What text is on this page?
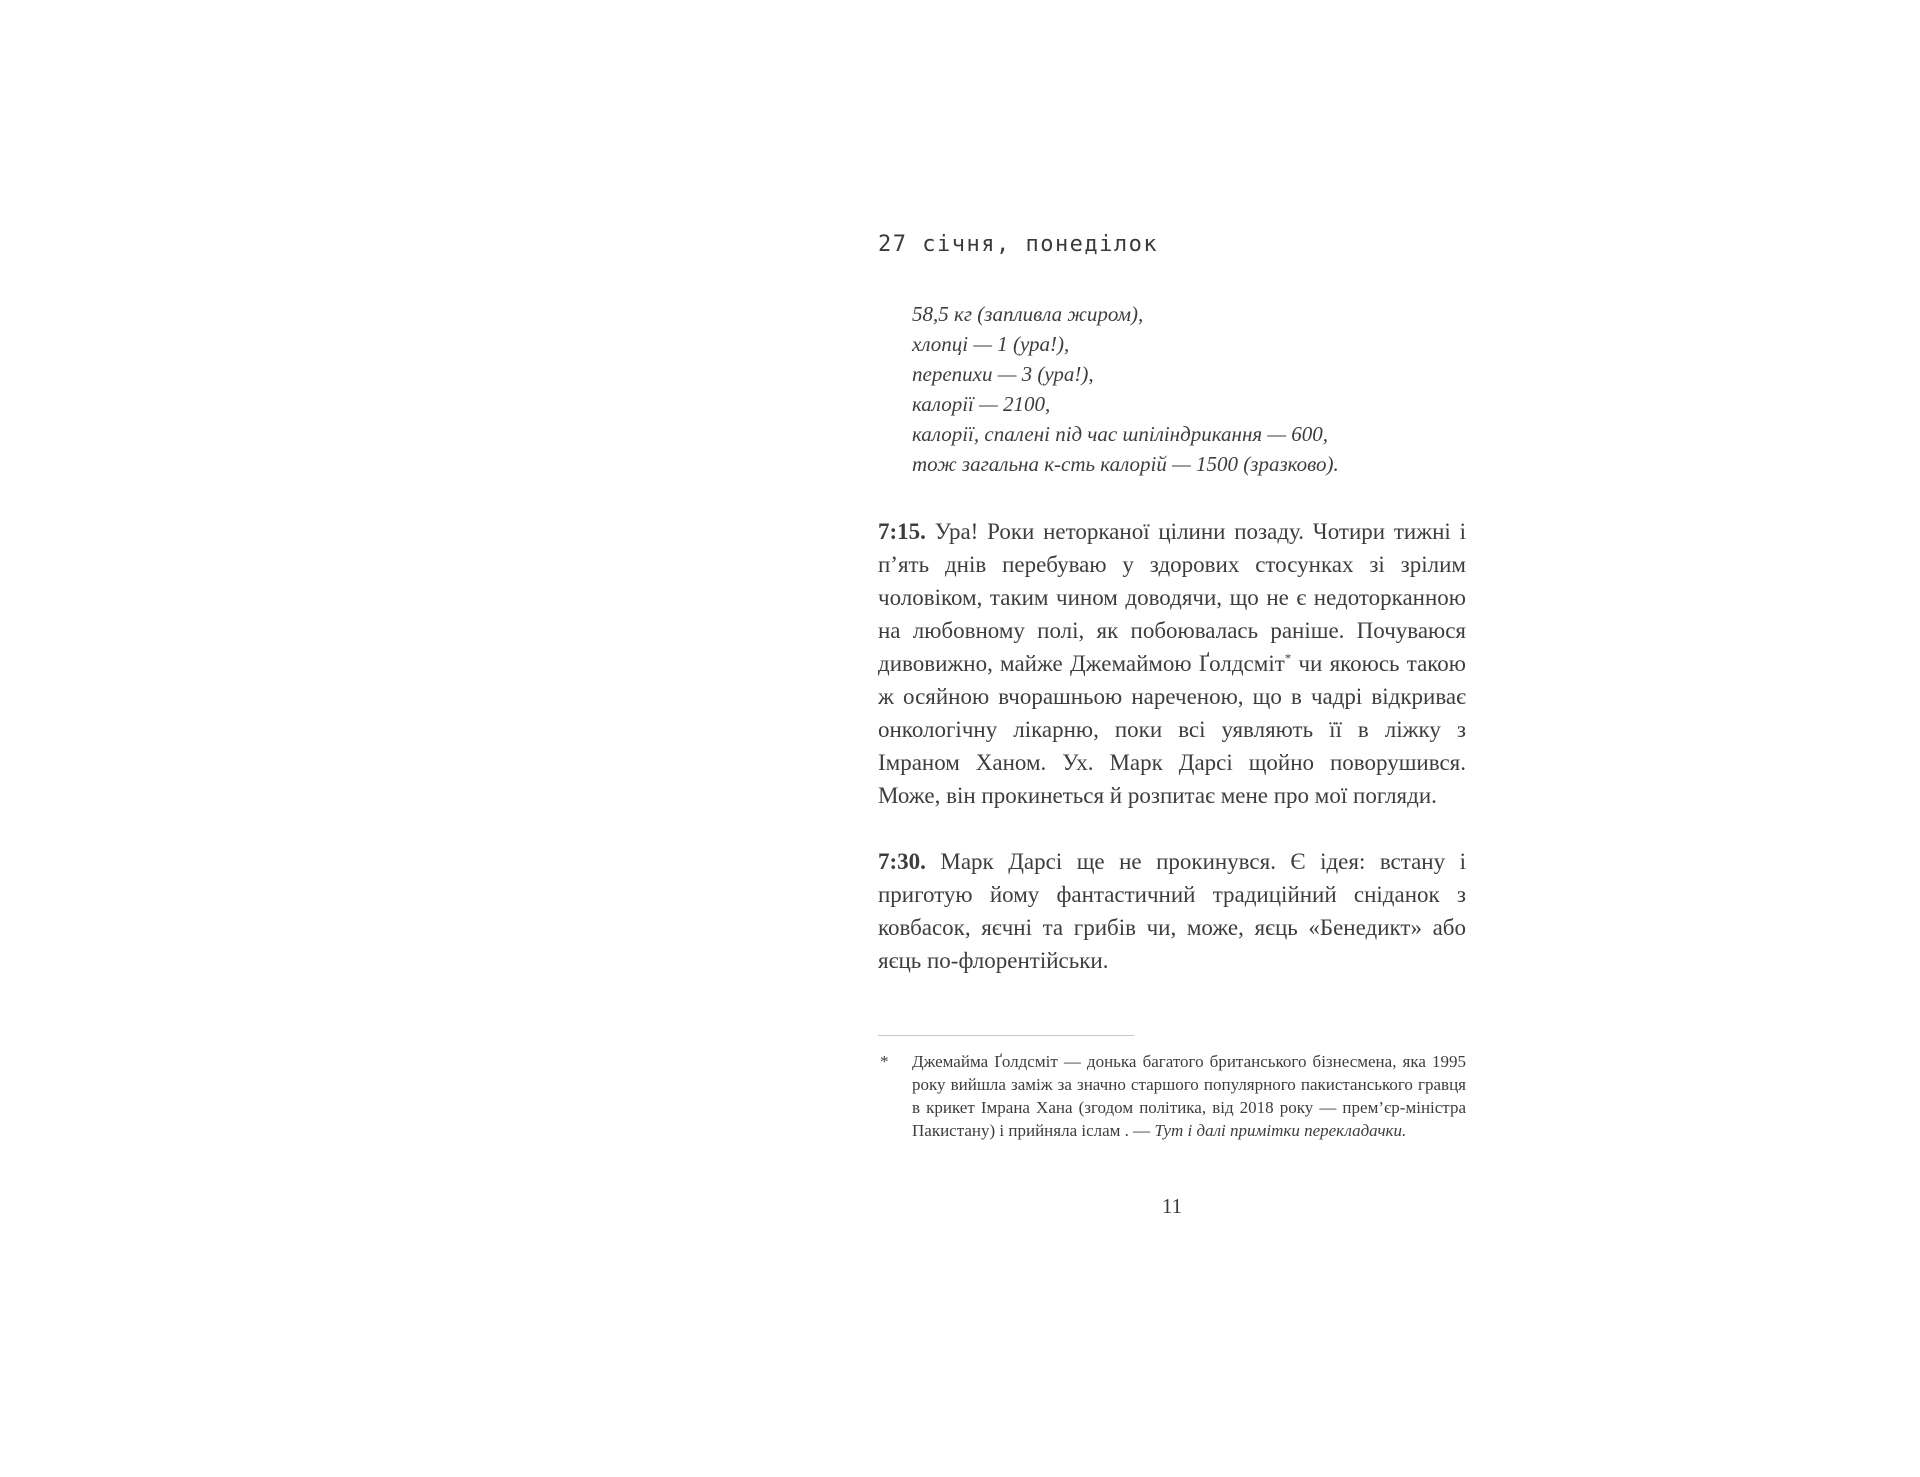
27 січня, понеділок
58,5 кг (запливла жиром),
хлопці — 1 (ура!),
перепихи — 3 (ура!),
калорії — 2100,
калорії, спалені під час шпіліндрикання — 600,
тож загальна к-сть калорій — 1500 (зразково).

7:15. Ура! Роки неторканої цілини позаду. Чотири тижні і п’ять днів перебуваю у здорових стосунках зі зрілим чоловіком, таким чином доводячи, що не є недоторканною на любовному полі, як побоювалась раніше. Почуваюся дивовижно, майже Джемаймою Ґолдсміт* чи якоюсь такою ж осяйною вчорашньою нареченою, що в чадрі відкриває онкологічну лікарню, поки всі уявляють її в ліжку з Імраном Ханом. Ух. Марк Дарсі щойно поворушився. Може, він прокинеться й розпитає мене про мої погляди.

7:30. Марк Дарсі ще не прокинувся. Є ідея: встану і приготую йому фантастичний традиційний сніданок з ковбасок, яєчні та грибів чи, може, яєць «Бенедикт» або яєць по-флорентійськи.

* Джемайма Ґолдсміт — донька багатого британського бізнесмена, яка 1995 року вийшла заміж за значно старшого популярного пакистанського гравця в крикет Імрана Хана (згодом політика, від 2018 року — прем’єр-міністра Пакистану) і прийняла іслам . — Тут і далі примітки перекладачки.

11
